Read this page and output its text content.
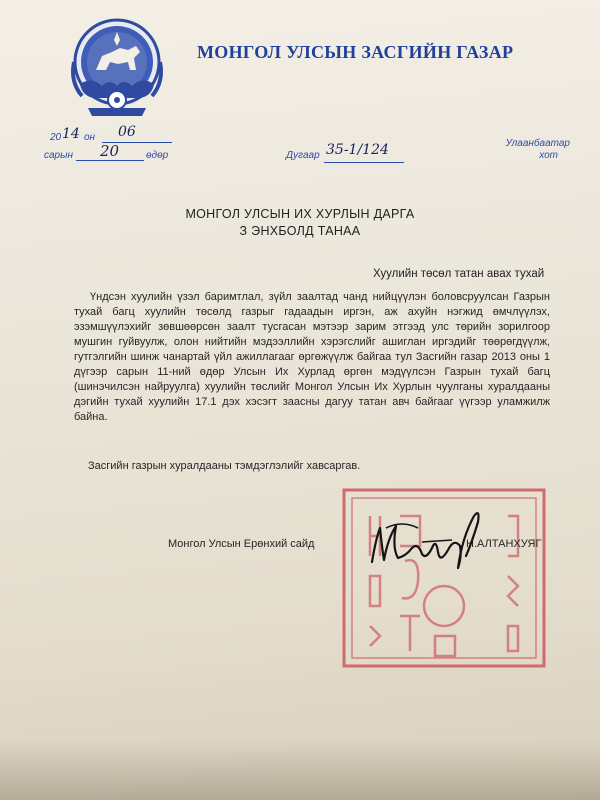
МОНГОЛ УЛСЫН ЗАСГИЙН ГАЗАР
20 14 он 06
сарын 20	өдөр	Дугаар 35-1/124	Улаанбаатар
хот
МОНГОЛ УЛСЫН ИХ ХУРЛЫН ДАРГА
З ЭНХБОЛД ТАНАА
Хуулийн төсөл татан авах тухай

Үндсэн хуулийн үзэл баримтлал, зүйл заалтад чанд нийцүүлэн боловсруулсан Газрын тухай багц хуулийн төсөлд газрыг гадаадын иргэн, аж ахуйн нэгжид өмчлүүлэх, эзэмшүүлэхийг зөвшөөрсөн заалт тусгасан мэтээр зарим этгээд улс төрийн зорилгоор мушгин гуйвуулж, олон нийтийн мэдээллийн хэрэгслийг ашиглан иргэдийг төөрөгдүүлж, гутгэлгийн шинж чанартай үйл ажиллагааг өргөжүүлж байгаа тул Засгийн газар 2013 оны 1 дүгээр сарын 11-ний өдөр Улсын Их Хурлад өргөн мэдүүлсэн Газрын тухай багц (шинэчилсэн найруулга) хуулийн төслийг Монгол Улсын Их Хурлын чуулганы хуралдааны дэгийн тухай хуулийн 17.1 дэх хэсэгт заасны дагуу татан авч байгааг үүгээр уламжилж байна.

Засгийн газрын хуралдааны тэмдэглэлийг хавсаргав.
Монгол Улсын Ерөнхий сайд	Н.АЛТАНХУЯГ
